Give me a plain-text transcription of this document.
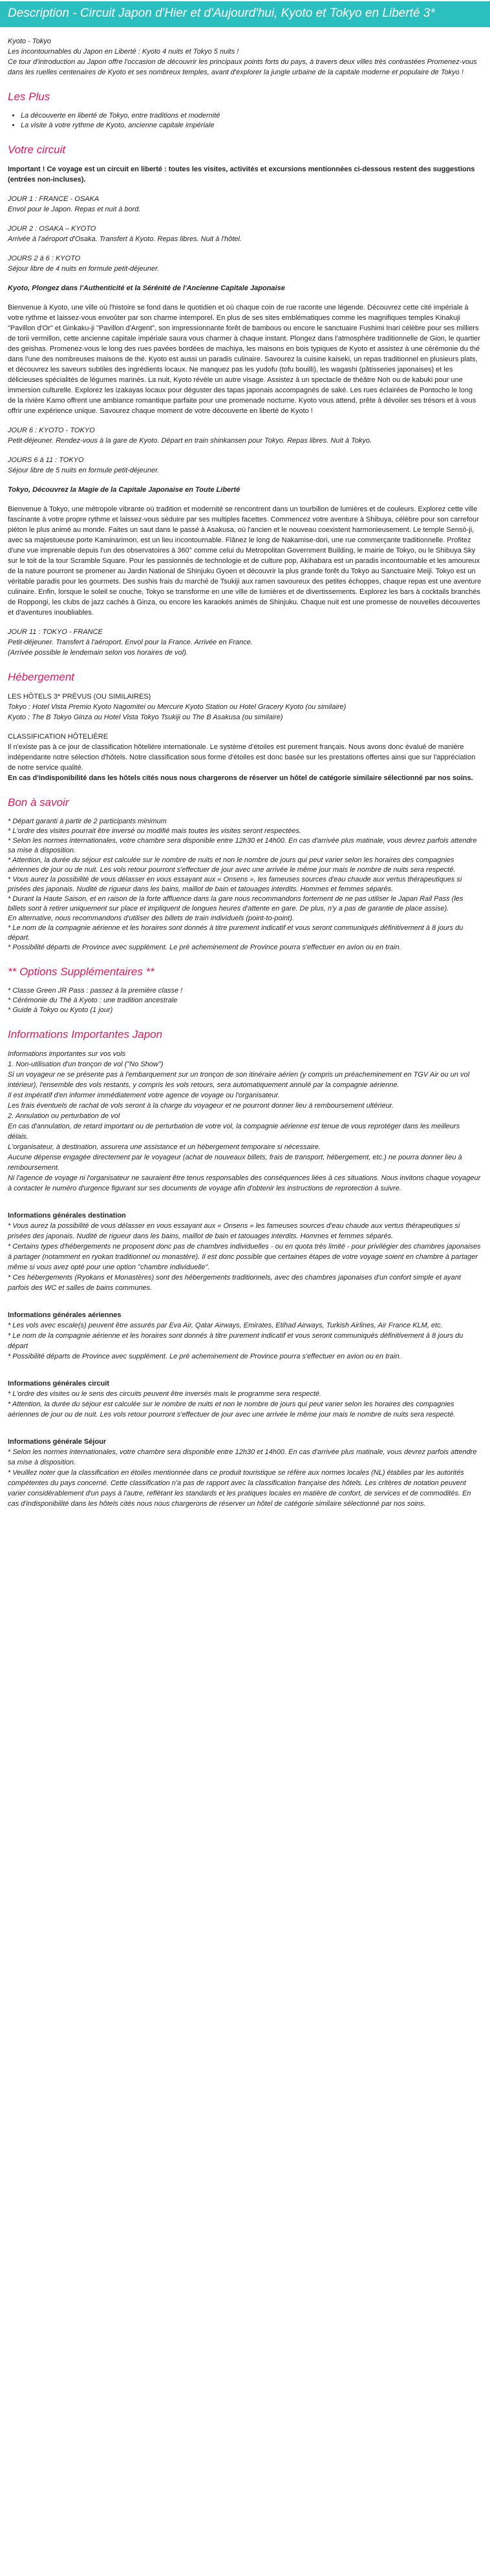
Description - Circuit Japon d'Hier et d'Aujourd'hui, Kyoto et Tokyo en Liberté 3*

Kyoto - Tokyo

Les incontournables du Japon en Liberté : Kyoto 4 nuits et Tokyo 5 nuits !

Ce tour d'introduction au Japon offre l'occasion de découvrir les principaux points forts du pays, à travers deux villes très contrastées Promenez-vous dans les ruelles centenaires de Kyoto et ses nombreux temples, avant d'explorer la jungle urbaine de la capitale moderne et populaire de Tokyo !

Les Plus
• La découverte en liberté de Tokyo, entre traditions et modernité
• La visite à votre rythme de Kyoto, ancienne capitale impériale
Votre circuit

Important ! Ce voyage est un circuit en liberté : toutes les visites, activités et excursions mentionnées ci-dessous restent des suggestions (entrées non-incluses).

JOUR 1 : FRANCE - OSAKA

Envol pour le Japon. Repas et nuit à bord.

JOUR 2 : OSAKA – KYOTO

Arrivée à l'aéroport d'Osaka. Transfert à Kyoto. Repas libres. Nuit à l'hôtel.

JOURS 2 à 6 : KYOTO

Séjour libre de 4 nuits en formule petit-déjeuner.

Kyoto, Plongez dans l'Authenticité et la Sérénité de l'Ancienne Capitale Japonaise

Bienvenue à Kyoto, une ville où l'histoire se fond dans le quotidien et où chaque coin de rue raconte une légende. Découvrez cette cité impériale à votre rythme et laissez-vous envoûter par son charme intemporel. En plus de ses sites emblématiques comme les magnifiques temples Kinakuji "Pavillon d'Or" et Ginkaku-ji "Pavillon d'Argent", son impressionnante forêt de bambous ou encore le sanctuaire Fushimi Inari célèbre pour ses milliers de torii vermillon, cette ancienne capitale impériale saura vous charmer à chaque instant. Plongez dans l'atmosphère traditionnelle de Gion, le quartier des geishas. Promenez-vous le long des rues pavées bordées de machiya, les maisons en bois typiques de Kyoto et assistez à une cérémonie du thé dans l'une des nombreuses maisons de thé. Kyoto est aussi un paradis culinaire. Savourez la cuisine kaiseki, un repas traditionnel en plusieurs plats, et découvrez les saveurs subtiles des ingrédients locaux. Ne manquez pas les yudofu (tofu bouilli), les wagashi (pâtisseries japonaises) et les délicieuses spécialités de légumes marinés. La nuit, Kyoto révèle un autre visage. Assistez à un spectacle de théâtre Noh ou de kabuki pour une immersion culturelle. Explorez les izakayas locaux pour déguster des tapas japonais accompagnés de saké. Les rues éclairées de Pontocho le long de la rivière Kamo offrent une ambiance romantique parfaite pour une promenade nocturne. Kyoto vous attend, prête à dévoiler ses trésors et à vous offrir une expérience unique. Savourez chaque moment de votre découverte en liberté de Kyoto !

JOUR 6 : KYOTO - TOKYO

Petit-déjeuner. Rendez-vous à la gare de Kyoto. Départ en train shinkansen pour Tokyo. Repas libres. Nuit à Tokyo.

JOURS 6 à 11 : TOKYO

Séjour libre de 5 nuits en formule petit-déjeuner.

Tokyo, Découvrez la Magie de la Capitale Japonaise en Toute Liberté

Bienvenue à Tokyo, une métropole vibrante où tradition et modernité se rencontrent dans un tourbillon de lumières et de couleurs. Explorez cette ville fascinante à votre propre rythme et laissez-vous séduire par ses multiples facettes. Commencez votre aventure à Shibuya, célèbre pour son carrefour piéton le plus animé au monde. Faites un saut dans le passé à Asakusa, où l'ancien et le nouveau coexistent harmonieusement. Le temple Sensō-ji, avec sa majestueuse porte Kaminarimon, est un lieu incontournable. Flânez le long de Nakamise-dori, une rue commerçante traditionnelle. Profitez d'une vue imprenable depuis l'un des observatoires à 360° comme celui du Metropolitan Government Building, le mairie de Tokyo, ou le Shibuya Sky sur le toit de la tour Scramble Square. Pour les passionnés de technologie et de culture pop, Akihabara est un paradis incontournable et les amoureux de la nature pourront se promener au Jardin National de Shinjuku Gyoen et découvrir la plus grande forêt du Tokyo au Sanctuaire Meiji. Tokyo est un véritable paradis pour les gourmets. Des sushis frais du marché de Tsukiji aux ramen savoureux des petites échoppes, chaque repas est une aventure culinaire. Enfin, lorsque le soleil se couche, Tokyo se transforme en une ville de lumières et de divertissements. Explorez les bars à cocktails branchés de Roppongi, les clubs de jazz cachés à Ginza, ou encore les karaokés animés de Shinjuku. Chaque nuit est une promesse de nouvelles découvertes et d'aventures inoubliables.

JOUR 11 : TOKYO - FRANCE

Petit-déjeuner. Transfert à l'aéroport. Envol pour la France. Arrivée en France.

(Arrivée possible le lendemain selon vos horaires de vol).

Hébergement

LES HÔTELS 3* PRÉVUS (OU SIMILAIRES)

Tokyo : Hotel Vista Premio Kyoto Nagomitei ou Mercure Kyoto Station ou Hotel Gracery Kyoto (ou similaire)

Kyoto : The B Tokyo Ginza ou Hotel Vista Tokyo Tsukiji ou The B Asakusa (ou similaire)

CLASSIFICATION HÔTELIÈRE

Il n'existe pas à ce jour de classification hôtelière internationale. Le système d'étoiles est purement français. Nous avons donc évalué de manière indépendante notre sélection d'hôtels. Notre classification sous forme d'étoiles est donc basée sur les prestations offertes ainsi que sur l'appréciation de notre service qualité.

En cas d'indisponibilité dans les hôtels cités nous nous chargerons de réserver un hôtel de catégorie similaire sélectionné par nos soins.

Bon à savoir
* Départ garanti à partir de 2 participants minimum
* L'ordre des visites pourrait être inversé ou modifié mais toutes les visites seront respectées.
* Selon les normes internationales, votre chambre sera disponible entre 12h30 et 14h00. En cas d'arrivée plus matinale, vous devrez parfois attendre sa mise à disposition.
* Attention, la durée du séjour est calculée sur le nombre de nuits et non le nombre de jours qui peut varier selon les horaires des compagnies aériennes de jour ou de nuit. Les vols retour pourront s'effectuer de jour avec une arrivée le même jour mais le nombre de nuits sera respecté.
* Vous aurez la possibilité de vous délasser en vous essayant aux « Onsens », les fameuses sources d'eau chaude aux vertus thérapeutiques si prisées des japonais. Nudité de rigueur dans les bains, maillot de bain et tatouages interdits. Hommes et femmes séparés.
* Durant la Haute Saison, et en raison de la forte affluence dans la gare nous recommandons fortement de ne pas utiliser le Japan Rail Pass (les billets sont à retirer uniquement sur place et impliquent de longues heures d'attente en gare. De plus, n'y a pas de garantie de place assise).
En alternative, nous recommandons d'utiliser des billets de train individuels (point-to-point).
* Le nom de la compagnie aérienne et les horaires sont donnés à titre purement indicatif et vous seront communiqués définitivement à 8 jours du départ.
* Possibilité départs de Province avec supplément. Le pré acheminement de Province pourra s'effectuer en avion ou en train.
** Options Supplémentaires **
* Classe Green JR Pass : passez à la première classe !
* Cérémonie du Thé à Kyoto : une tradition ancestrale
* Guide à Tokyo ou Kyoto (1 jour)
Informations Importantes Japon

Informations importantes sur vos vols

1. Non-utilisation d'un tronçon de vol ("No Show")

Si un voyageur ne se présente pas à l'embarquement sur un tronçon de son itinéraire aérien (y compris un préacheminement en TGV Air ou un vol intérieur), l'ensemble des vols restants, y compris les vols retours, sera automatiquement annulé par la compagnie aérienne.

Il est impératif d'en informer immédiatement votre agence de voyage ou l'organisateur.

Les frais éventuels de rachat de vols seront à la charge du voyageur et ne pourront donner lieu à remboursement ultérieur.

2. Annulation ou perturbation de vol

En cas d'annulation, de retard important ou de perturbation de votre vol, la compagnie aérienne est tenue de vous reprotéger dans les meilleurs délais.

L'organisateur, à destination, assurera une assistance et un hébergement temporaire si nécessaire.

Aucune dépense engagée directement par le voyageur (achat de nouveaux billets, frais de transport, hébergement, etc.) ne pourra donner lieu à remboursement.

Ni l'agence de voyage ni l'organisateur ne sauraient être tenus responsables des conséquences liées à ces situations. Nous invitons chaque voyageur à contacter le numéro d'urgence figurant sur ses documents de voyage afin d'obtenir les instructions de reprotection à suivre.

Informations générales destination

* Vous aurez la possibilité de vous délasser en vous essayant aux « Onsens » les fameuses sources d'eau chaude aux vertus thérapeutiques si prisées des japonais. Nudité de rigueur dans les bains, maillot de bain et tatouages interdits. Hommes et femmes séparés.

* Certains types d'hébergements ne proposent donc pas de chambres individuelles - ou en quota très limité - pour privilégier des chambres japonaises à partager (notamment en ryokan traditionnel ou monastère). Il est donc possible que certaines étapes de votre voyage soient en chambre à partager même si vous avez opté pour une option "chambre individuelle".

* Ces hébergements (Ryokans et Monastères) sont des hébergements traditionnels, avec des chambres japonaises d'un confort simple et ayant parfois des WC et salles de bains communes.

Informations générales aériennes

* Les vols avec escale(s) peuvent être assurés par Eva Air, Qatar Airways, Emirates, Etihad Airways, Turkish Airlines, Air France KLM, etc.

* Le nom de la compagnie aérienne et les horaires sont donnés à titre purement indicatif et vous seront communiqués définitivement à 8 jours du départ

* Possibilité départs de Province avec supplément. Le pré acheminement de Province pourra s'effectuer en avion ou en train.

Informations générales circuit

* L'ordre des visites ou le sens des circuits peuvent être inversés mais le programme sera respecté.

* Attention, la durée du séjour est calculée sur le nombre de nuits et non le nombre de jours qui peut varier selon les horaires des compagnies aériennes de jour ou de nuit. Les vols retour pourront s'effectuer de jour avec une arrivée le même jour mais le nombre de nuits sera respecté.

Informations générale Séjour

* Selon les normes internationales, votre chambre sera disponible entre 12h30 et 14h00. En cas d'arrivée plus matinale, vous devrez parfois attendre sa mise à disposition.

* Veuillez noter que la classification en étoiles mentionnée dans ce produit touristique se réfère aux normes locales (NL) établies par les autorités compétentes du pays concerné. Cette classification n'a pas de rapport avec la classification française des hôtels. Les critères de notation peuvent varier considérablement d'un pays à l'autre, reflétant les standards et les pratiques locales en matière de confort, de services et de commodités. En cas d'indisponibilité dans les hôtels cités nous nous chargerons de réserver un hôtel de catégorie similaire sélectionné par nos soins.
